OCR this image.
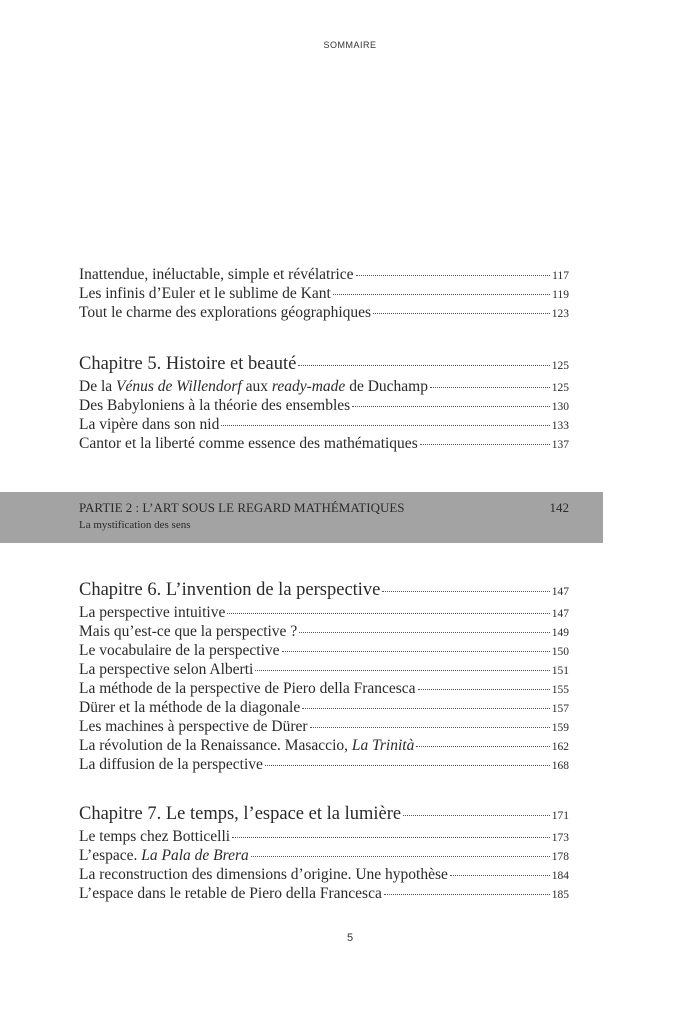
SOMMAIRE
Inattendue, inéluctable, simple et révélatrice	117
Les infinis d’Euler et le sublime de Kant	119
Tout le charme des explorations géographiques	123
Chapitre 5. Histoire et beauté	125
De la Vénus de Willendorf aux ready-made de Duchamp	125
Des Babyloniens à la théorie des ensembles	130
La vipère dans son nid	133
Cantor et la liberté comme essence des mathématiques	137
PARTIE 2 : L’ART SOUS LE REGARD MATHÉMATIQUES	142
La mystification des sens
Chapitre 6. L’invention de la perspective	147
La perspective intuitive	147
Mais qu’est-ce que la perspective ?	149
Le vocabulaire de la perspective	150
La perspective selon Alberti	151
La méthode de la perspective de Piero della Francesca	155
Dürer et la méthode de la diagonale	157
Les machines à perspective de Dürer	159
La révolution de la Renaissance. Masaccio, La Trinità	162
La diffusion de la perspective	168
Chapitre 7. Le temps, l’espace et la lumière	171
Le temps chez Botticelli	173
L’espace. La Pala de Brera	178
La reconstruction des dimensions d’origine. Une hypothèse	184
L’espace dans le retable de Piero della Francesca	185
5
